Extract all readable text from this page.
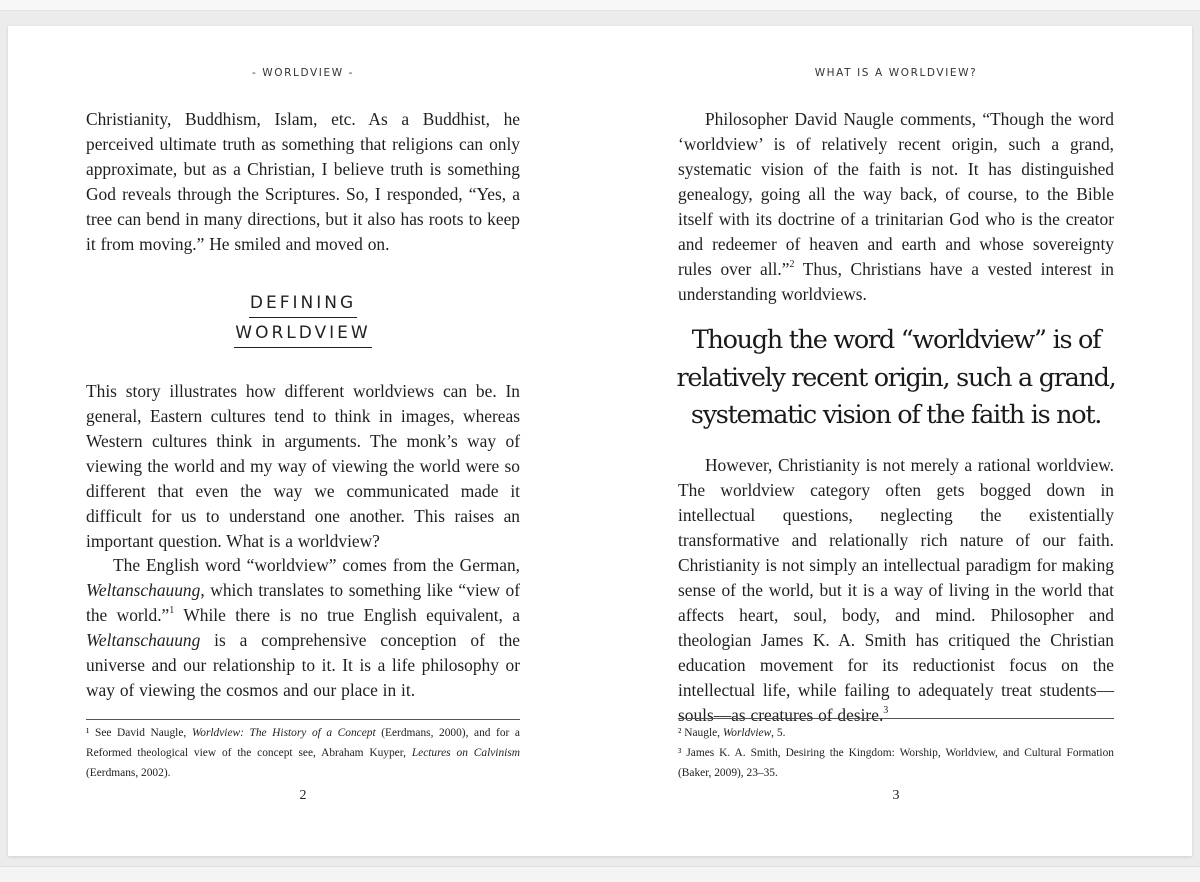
- WORLDVIEW -

Christianity, Buddhism, Islam, etc. As a Buddhist, he perceived ultimate truth as something that religions can only approximate, but as a Christian, I believe truth is something God reveals through the Scriptures. So, I responded, “Yes, a tree can bend in many directions, but it also has roots to keep it from moving.” He smiled and moved on.

DEFINING
WORLDVIEW

This story illustrates how different worldviews can be. In general, Eastern cultures tend to think in images, whereas Western cultures think in arguments. The monk’s way of viewing the world and my way of viewing the world were so different that even the way we communicated made it difficult for us to understand one another. This raises an important question. What is a worldview?

The English word “worldview” comes from the German, Weltanschauung, which translates to something like “view of the world.”$^1$ While there is no true English equivalent, a Weltanschauung is a comprehensive conception of the universe and our relationship to it. It is a life philosophy or way of viewing the cosmos and our place in it.

¹ See David Naugle, Worldview: The History of a Concept (Eerdmans, 2000), and for a Reformed theological view of the concept see, Abraham Kuyper, Lectures on Calvinism (Eerdmans, 2002).

2
WHAT IS A WORLDVIEW?

Philosopher David Naugle comments, “Though the word ‘worldview’ is of relatively recent origin, such a grand, systematic vision of the faith is not. It has distinguished genealogy, going all the way back, of course, to the Bible itself with its doctrine of a trinitarian God who is the creator and redeemer of heaven and earth and whose sovereignty rules over all.”$^2$ Thus, Christians have a vested interest in understanding worldviews.

Though the word “worldview” is of relatively recent origin, such a grand, systematic vision of the faith is not.

However, Christianity is not merely a rational worldview. The worldview category often gets bogged down in intellectual questions, neglecting the existentially transformative and relationally rich nature of our faith. Christianity is not simply an intellectual paradigm for making sense of the world, but it is a way of living in the world that affects heart, soul, body, and mind. Philosopher and theologian James K. A. Smith has critiqued the Christian education movement for its reductionist focus on the intellectual life, while failing to adequately treat students—souls—as creatures of desire.$^3$

² Naugle, Worldview, 5.

³ James K. A. Smith, Desiring the Kingdom: Worship, Worldview, and Cultural Formation (Baker, 2009), 23–35.

3
